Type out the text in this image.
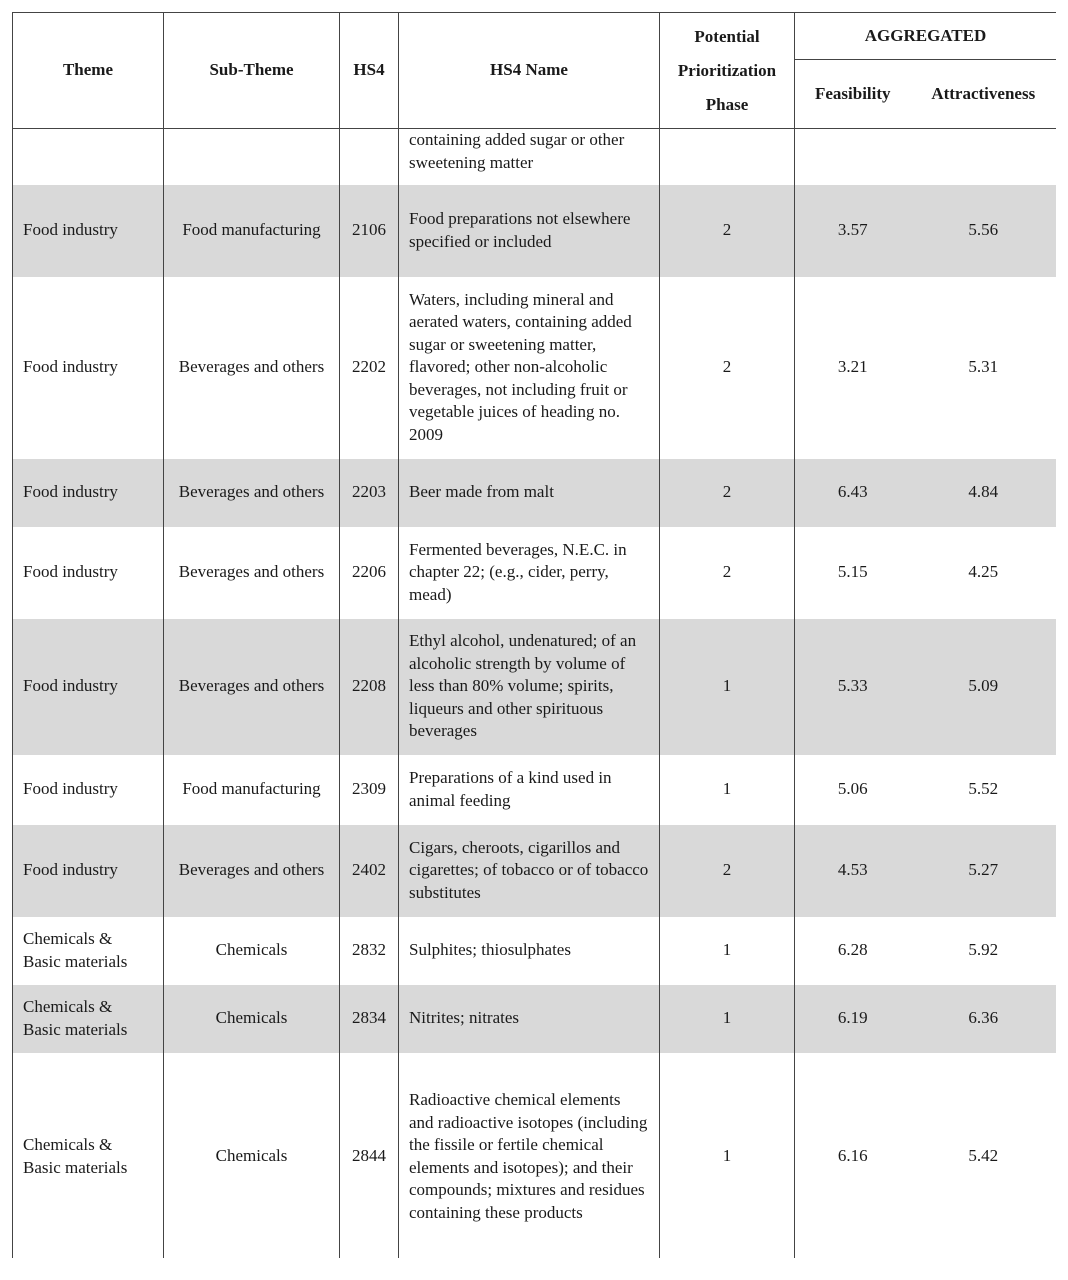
Theme	Sub-Theme	HS4	HS4 Name	Potential Prioritization Phase	AGGREGATED	
					Feasibility	Attractiveness
			containing added sugar or other sweetening matter			
Food industry	Food manufacturing	2106	Food preparations not elsewhere specified or included	2	3.57	5.56
Food industry	Beverages and others	2202	Waters, including mineral and aerated waters, containing added sugar or sweetening matter, flavored; other non-alcoholic beverages, not including fruit or vegetable juices of heading no. 2009	2	3.21	5.31
Food industry	Beverages and others	2203	Beer made from malt	2	6.43	4.84
Food industry	Beverages and others	2206	Fermented beverages, N.E.C. in chapter 22; (e.g., cider, perry, mead)	2	5.15	4.25
Food industry	Beverages and others	2208	Ethyl alcohol, undenatured; of an alcoholic strength by volume of less than 80% volume; spirits, liqueurs and other spirituous beverages	1	5.33	5.09
Food industry	Food manufacturing	2309	Preparations of a kind used in animal feeding	1	5.06	5.52
Food industry	Beverages and others	2402	Cigars, cheroots, cigarillos and cigarettes; of tobacco or of tobacco substitutes	2	4.53	5.27
Chemicals & Basic materials	Chemicals	2832	Sulphites; thiosulphates	1	6.28	5.92
Chemicals & Basic materials	Chemicals	2834	Nitrites; nitrates	1	6.19	6.36
Chemicals & Basic materials	Chemicals	2844	Radioactive chemical elements and radioactive isotopes (including the fissile or fertile chemical elements and isotopes); and their compounds; mixtures and residues containing these products	1	6.16	5.42
